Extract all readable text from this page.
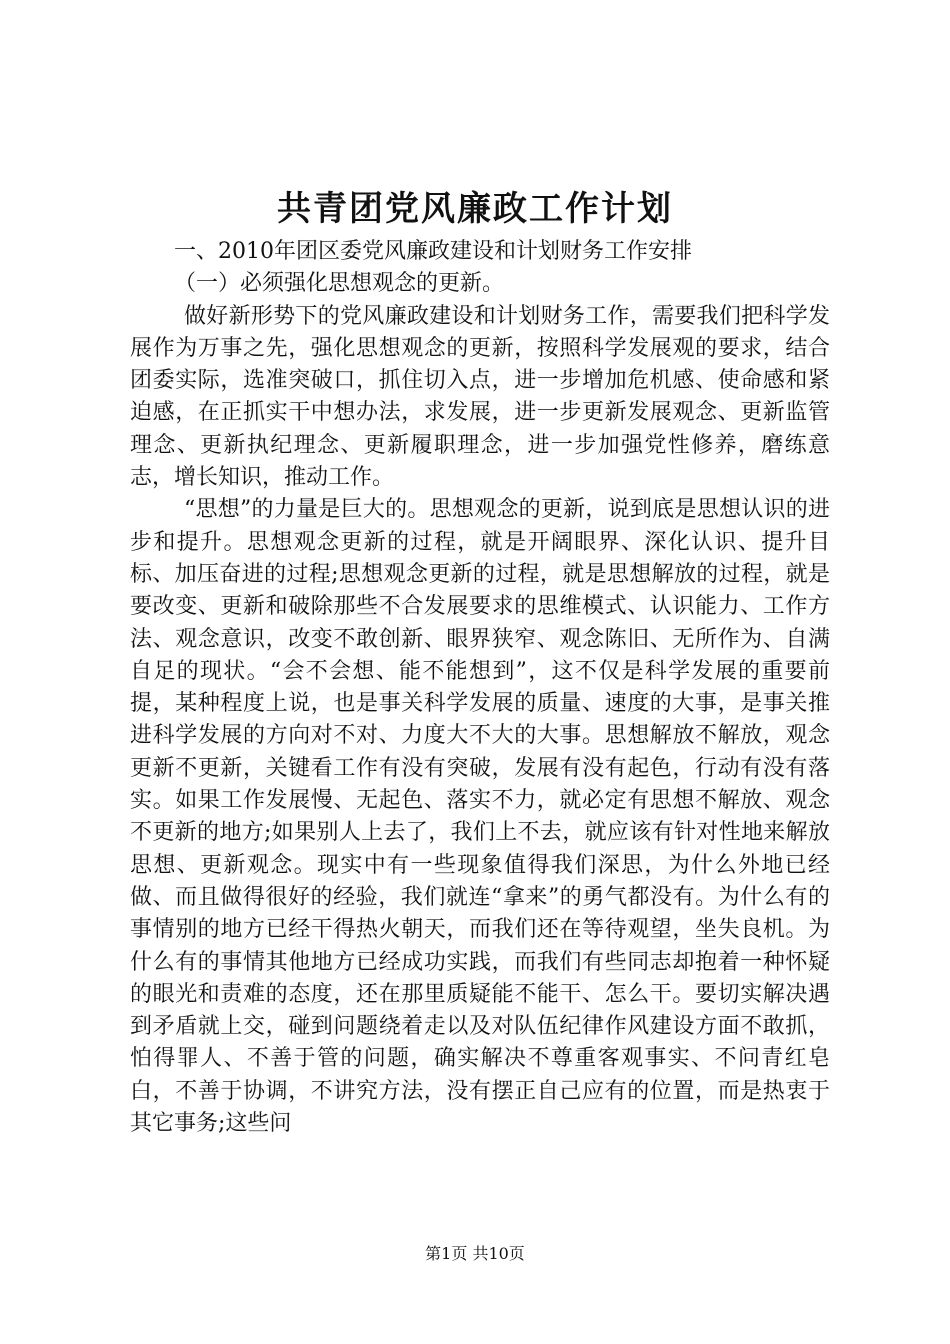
共青团党风廉政工作计划

一、2010年团区委党风廉政建设和计划财务工作安排

（一）必须强化思想观念的更新。

做好新形势下的党风廉政建设和计划财务工作，需要我们把科学发展作为万事之先，强化思想观念的更新，按照科学发展观的要求，结合团委实际，选准突破口，抓住切入点，进一步增加危机感、使命感和紧迫感，在正抓实干中想办法，求发展，进一步更新发展观念、更新监管理念、更新执纪理念、更新履职理念，进一步加强党性修养，磨练意志，增长知识，推动工作。

“思想”的力量是巨大的。思想观念的更新，说到底是思想认识的进步和提升。思想观念更新的过程，就是开阔眼界、深化认识、提升目标、加压奋进的过程;思想观念更新的过程，就是思想解放的过程，就是要改变、更新和破除那些不合发展要求的思维模式、认识能力、工作方法、观念意识，改变不敢创新、眼界狭窄、观念陈旧、无所作为、自满自足的现状。“会不会想、能不能想到”，这不仅是科学发展的重要前提，某种程度上说，也是事关科学发展的质量、速度的大事，是事关推进科学发展的方向对不对、力度大不大的大事。思想解放不解放，观念更新不更新，关键看工作有没有突破，发展有没有起色，行动有没有落实。如果工作发展慢、无起色、落实不力，就必定有思想不解放、观念不更新的地方;如果别人上去了，我们上不去，就应该有针对性地来解放思想、更新观念。现实中有一些现象值得我们深思，为什么外地已经做、而且做得很好的经验，我们就连“拿来”的勇气都没有。为什么有的事情别的地方已经干得热火朝天，而我们还在等待观望，坐失良机。为什么有的事情其他地方已经成功实践，而我们有些同志却抱着一种怀疑的眼光和责难的态度，还在那里质疑能不能干、怎么干。要切实解决遇到矛盾就上交，碰到问题绕着走以及对队伍纪律作风建设方面不敢抓，怕得罪人、不善于管的问题，确实解决不尊重客观事实、不问青红皂白，不善于协调，不讲究方法，没有摆正自己应有的位置，而是热衷于其它事务;这些问

第1页 共10页
